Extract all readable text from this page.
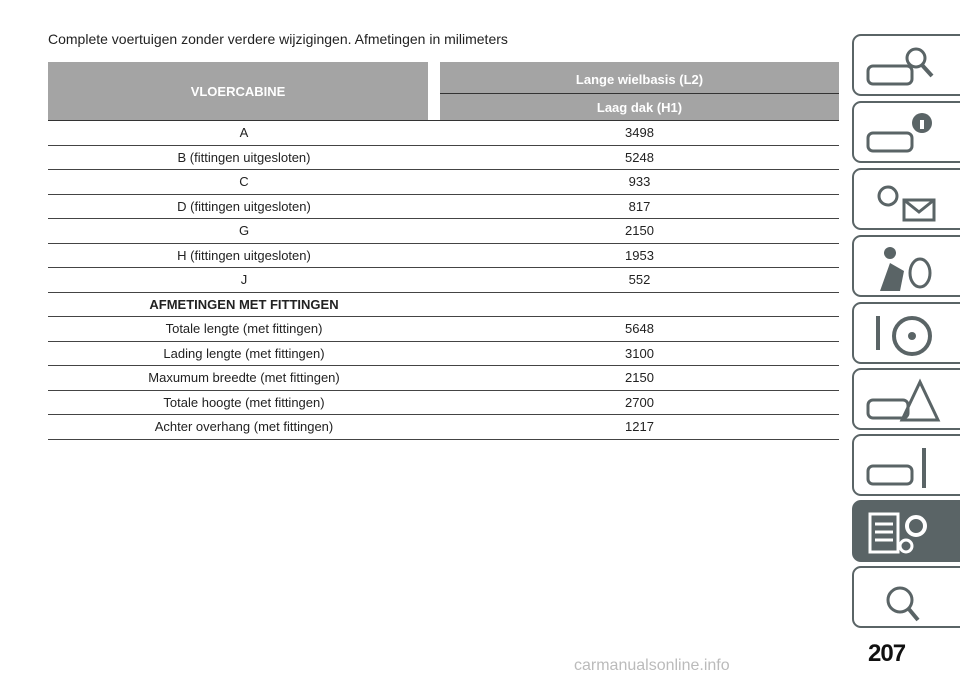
Complete voertuigen zonder verdere wijzigingen. Afmetingen in milimeters
VLOERCABINE
Lange wielbasis (L2)
Laag dak (H1)
A	3498
B (fittingen uitgesloten)	5248
C	933
D (fittingen uitgesloten)	817
G	2150
H (fittingen uitgesloten)	1953
J	552
AFMETINGEN MET FITTINGEN
Totale lengte (met fittingen)	5648
Lading lengte (met fittingen)	3100
Maxumum breedte (met fittingen)	2150
Totale hoogte (met fittingen)	2700
Achter overhang (met fittingen)	1217
207
carmanualsonline.info
